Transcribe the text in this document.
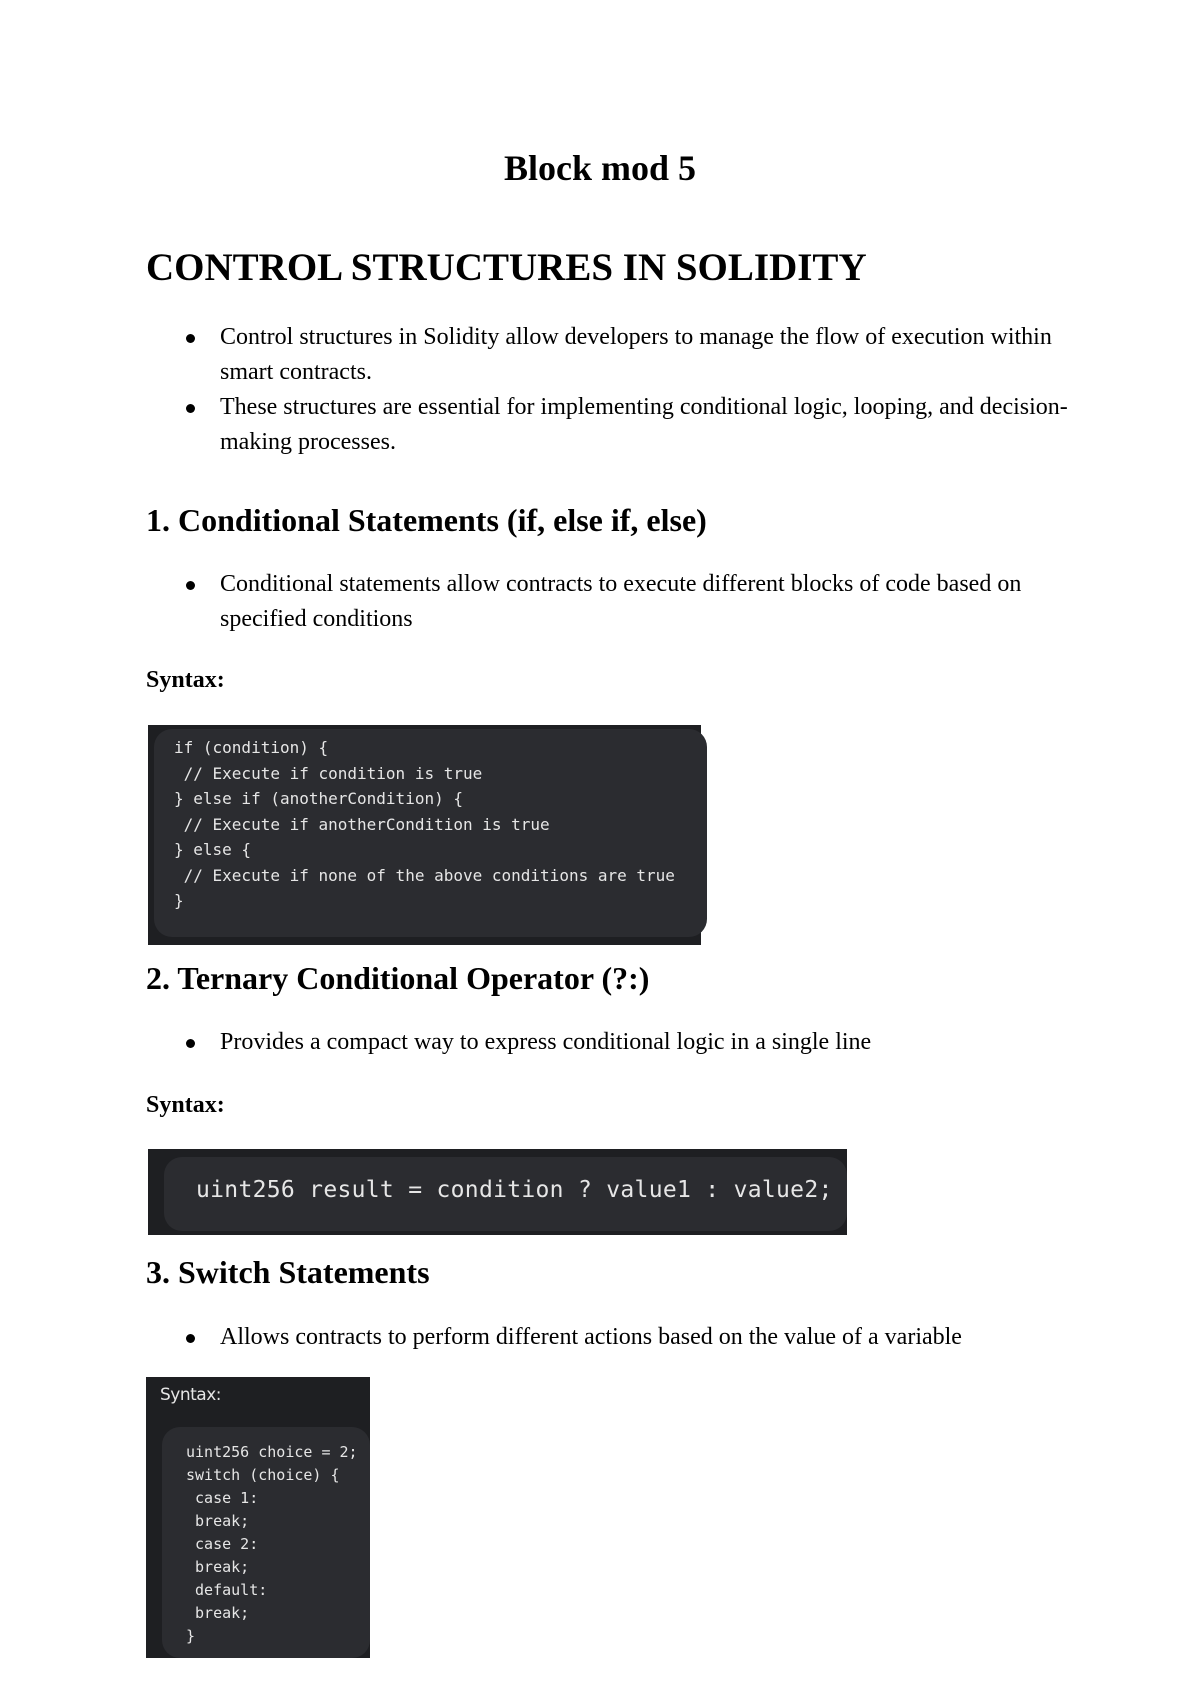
Block mod 5
CONTROL STRUCTURES IN SOLIDITY
Control structures in Solidity allow developers to manage the flow of execution within smart contracts.
These structures are essential for implementing conditional logic, looping, and decision-making processes.
1. Conditional Statements (if, else if, else)
Conditional statements allow contracts to execute different blocks of code based on specified conditions
Syntax:
if (condition) {
// Execute if condition is true
} else if (anotherCondition) {
// Execute if anotherCondition is true
} else {
// Execute if none of the above conditions are true
}
2. Ternary Conditional Operator (?:)
Provides a compact way to express conditional logic in a single line
Syntax:
uint256 result = condition ? value1 : value2;
3. Switch Statements
Allows contracts to perform different actions based on the value of a variable
Syntax:
uint256 choice = 2;
switch (choice) {
case 1:
break;
case 2:
break;
default:
break;
}
